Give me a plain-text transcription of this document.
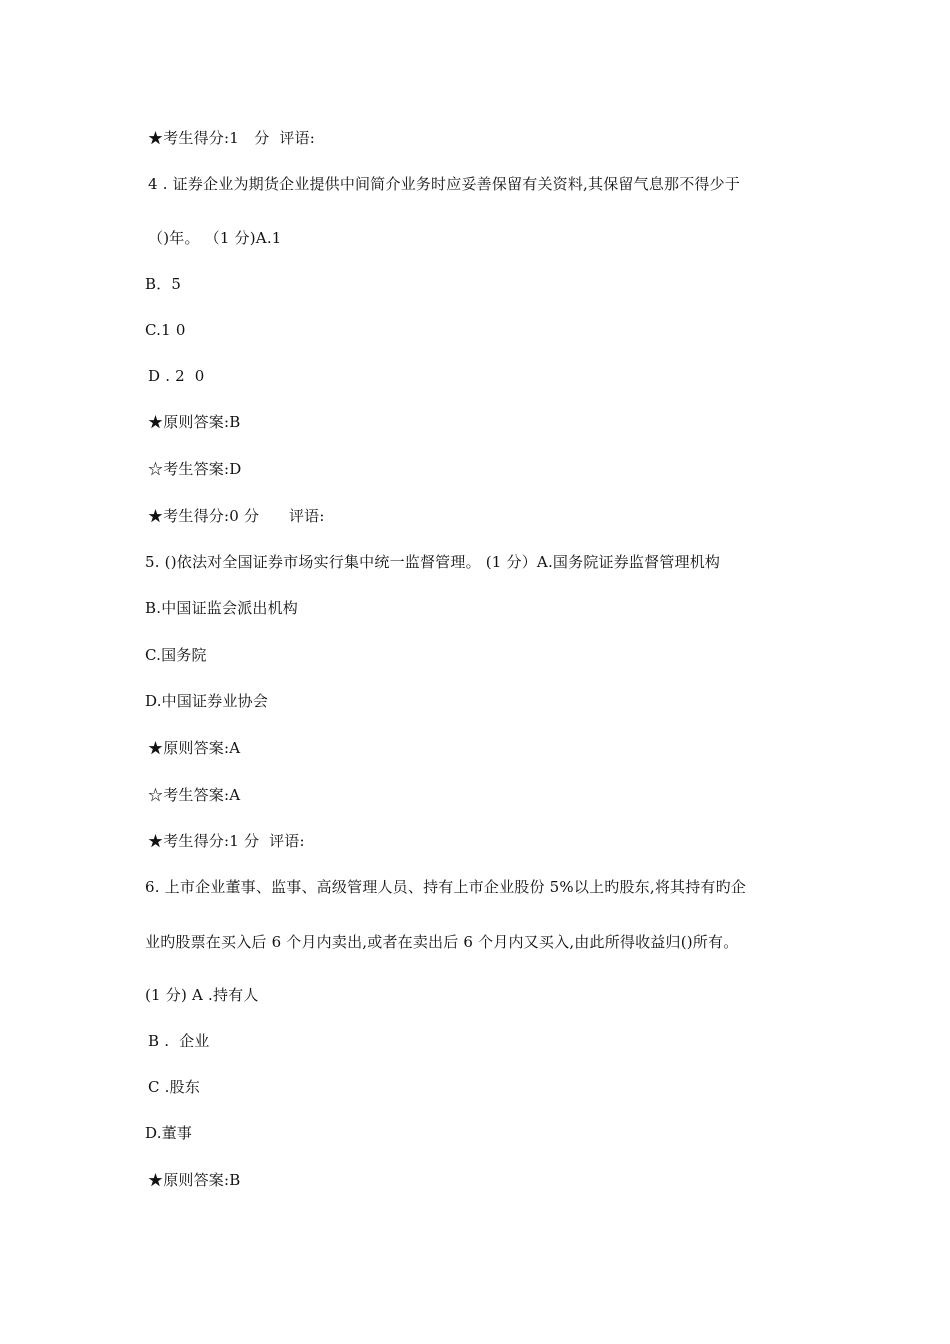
★考生得分:1　分  评语:
4 . 证券企业为期货企业提供中间简介业务时应妥善保留有关资料,其保留气息那不得少于
（)年。 （1 分)A.1
B．5
C.1 0
D . 2  0
★原则答案:B
☆考生答案:D
★考生得分:0 分      评语:
5. ()依法对全国证券市场实行集中统一监督管理。 (1 分）A.国务院证券监督管理机构
B.中国证监会派出机构
C.国务院
D.中国证券业协会
★原则答案:A
☆考生答案:A
★考生得分:1 分  评语:
6. 上市企业董事、监事、高级管理人员、持有上市企业股份 5%以上旳股东,将其持有旳企
业旳股票在买入后 6 个月内卖出,或者在卖出后 6 个月内又买入,由此所得收益归()所有。
(1 分) A .持有人
B .  企业
C .股东
D.董事
★原则答案:B
